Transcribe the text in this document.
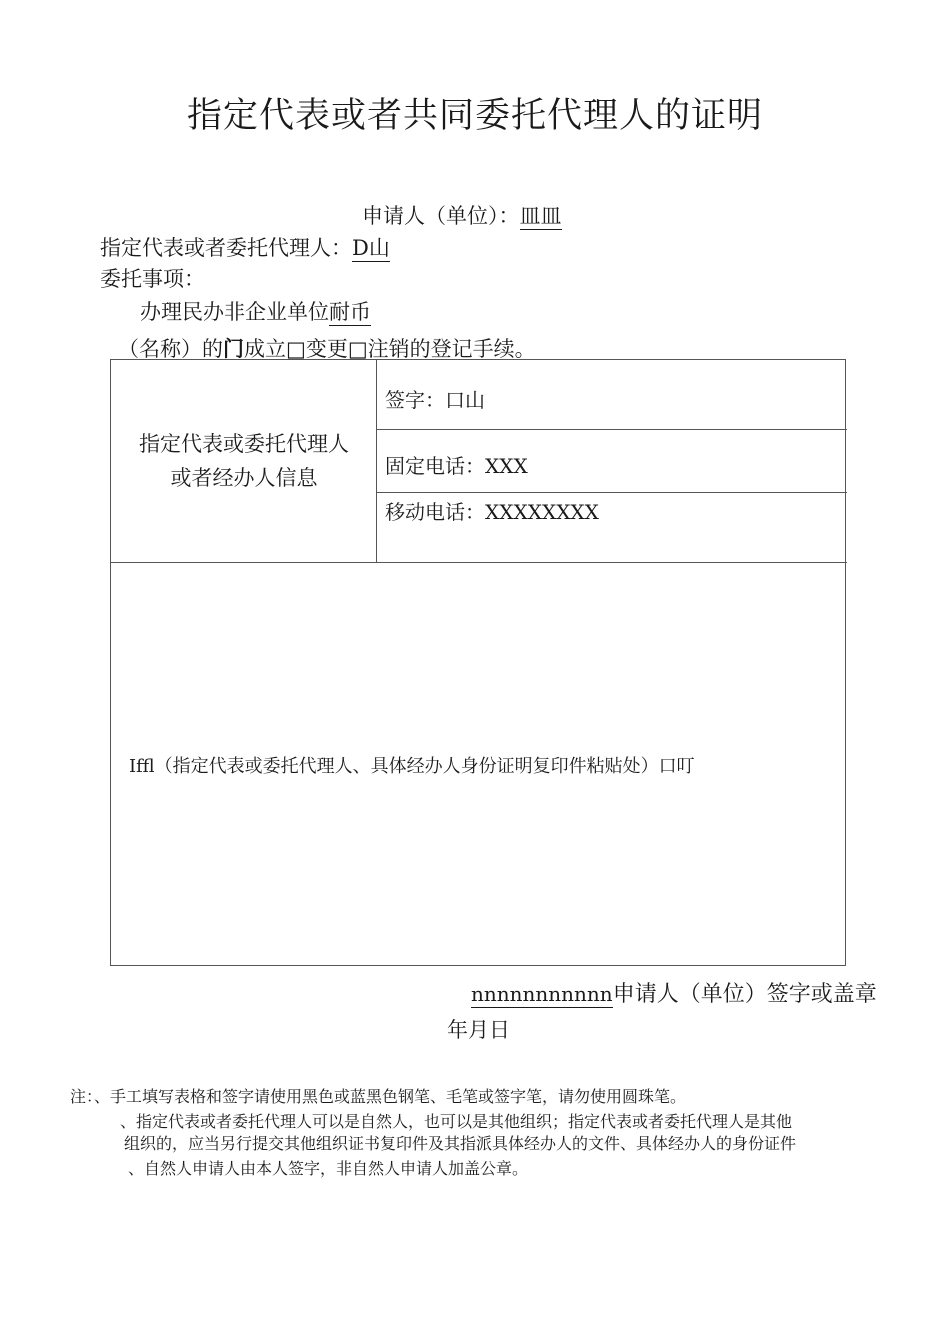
指定代表或者共同委托代理人的证明
申请人（单位）：皿皿
指定代表或者委托代理人：D山
委托事项：
办理民办非企业单位耐币
（名称）的门成立□变更□注销的登记手续。
指定代表或委托代理人
或者经办人信息
签字：口山
固定电话：XXX
移动电话：XXXXXXXX
Iffl（指定代表或委托代理人、具体经办人身份证明复印件粘贴处）口叮
nnnnnnnnnnn申请人（单位）签字或盖章
年月日
注：、手工填写表格和签字请使用黑色或蓝黑色钢笔、毛笔或签字笔，请勿使用圆珠笔。
、指定代表或者委托代理人可以是自然人，也可以是其他组织；指定代表或者委托代理人是其他
组织的，应当另行提交其他组织证书复印件及其指派具体经办人的文件、具体经办人的身份证件
、自然人申请人由本人签字，非自然人申请人加盖公章。
